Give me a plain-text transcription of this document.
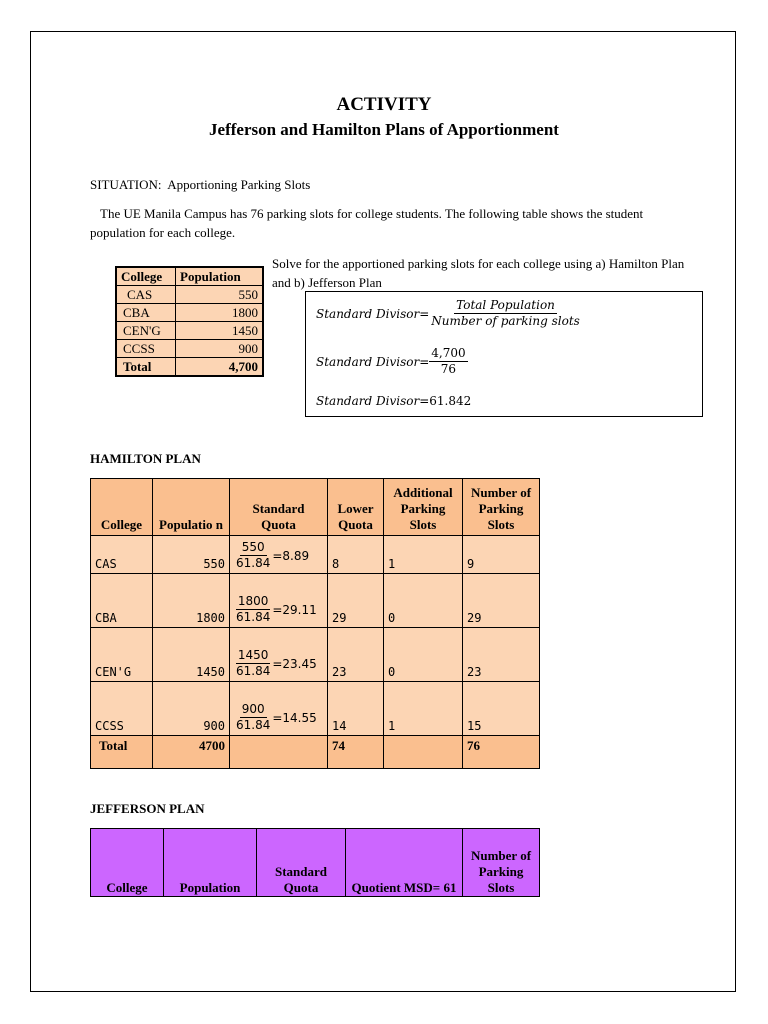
ACTIVITY
Jefferson and Hamilton Plans of Apportionment
SITUATION:  Apportioning Parking Slots
The UE Manila Campus has 76 parking slots for college students. The following table shows the student population for each college.
Solve for the apportioned parking slots for each college using a) Hamilton Plan and b) Jefferson Plan
College	Population
CAS	550
CBA	1800
CEN'G	1450
CCSS	900
Total	4,700
Standard Divisor = $\frac{\text{Total Population}}{\text{Number of parking slots}}$
Standard Divisor = $\frac{4,700}{76}$
Standard Divisor = 61.842
HAMILTON PLAN
College	Populatio n	Standard Quota	Lower Quota	Additional Parking Slots	Number of Parking Slots
CAS	550	$\frac{550}{61.84} =8.89$	8	1	9
CBA	1800	$\frac{1800}{61.84} =29.11$	29	0	29
CEN'G	1450	$\frac{1450}{61.84} =23.45$	23	0	23
CCSS	900	$\frac{900}{61.84} =14.55$	14	1	15
Total	4700		74		76
JEFFERSON PLAN
College	Population	Standard Quota	Quotient MSD= 61	Number of Parking Slots
